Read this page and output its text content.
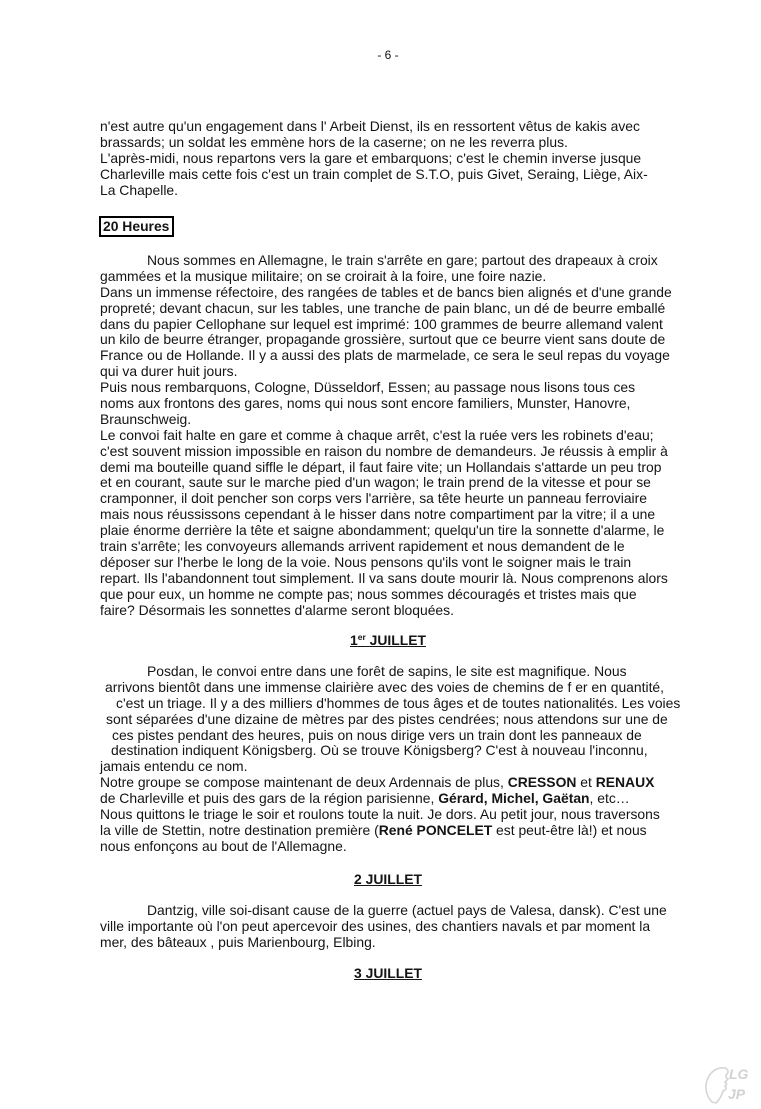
- 6 -
n'est autre qu'un engagement dans l' Arbeit Dienst, ils en ressortent vêtus de kakis avec
brassards; un soldat les emmène hors de la caserne; on ne les reverra plus.
L'après-midi, nous repartons vers la gare et embarquons; c'est le chemin inverse jusque
Charleville mais cette fois c'est un train complet de S.T.O, puis Givet, Seraing, Liège, Aix-
La Chapelle.
20 Heures
Nous sommes en Allemagne, le train s'arrête en gare; partout des drapeaux à croix
gammées et la musique militaire; on se croirait à la foire, une foire nazie.
Dans un immense réfectoire, des rangées de tables et de bancs bien alignés et d'une grande
propreté; devant chacun, sur les tables, une tranche de pain blanc, un dé de beurre emballé
dans du papier Cellophane sur lequel est imprimé: 100 grammes de beurre allemand valent
un kilo de beurre étranger, propagande grossière, surtout que ce beurre vient sans doute de
France ou de Hollande. Il y a aussi des plats de marmelade, ce sera le seul repas du voyage
qui va durer huit jours.
Puis nous rembarquons, Cologne, Düsseldorf, Essen; au passage nous lisons tous ces
noms aux frontons des gares, noms qui nous sont encore familiers, Munster, Hanovre,
Braunschweig.
Le convoi fait halte en gare et comme à chaque arrêt, c'est la ruée vers les robinets d'eau;
c'est souvent mission impossible en raison du nombre de demandeurs. Je réussis à emplir à
demi ma bouteille quand siffle le départ, il faut faire vite; un Hollandais s'attarde un peu trop
et en courant, saute sur le marche pied d'un wagon; le train prend de la vitesse et pour se
cramponner, il doit pencher son corps vers l'arrière, sa tête heurte un panneau ferroviaire
mais nous réussissons cependant à le hisser dans notre compartiment par la vitre; il a une
plaie énorme derrière la tête et saigne abondamment; quelqu'un tire la sonnette d'alarme, le
train s'arrête; les convoyeurs allemands arrivent rapidement et nous demandent de le
déposer sur l'herbe le long de la voie. Nous pensons qu'ils vont le soigner mais le train
repart. Ils l'abandonnent tout simplement. Il va sans doute mourir là. Nous comprenons alors
que pour eux, un homme ne compte pas; nous sommes découragés et tristes mais que
faire? Désormais les sonnettes d'alarme seront bloquées.
1er JUILLET
Posdan, le convoi entre dans une forêt de sapins, le site est magnifique. Nous
arrivons bientôt dans une immense clairière avec des voies de chemins de f er en quantité,
c'est un triage. Il y a des milliers d'hommes de tous âges et de toutes nationalités. Les voies
sont séparées d'une dizaine de mètres par des pistes cendrées; nous attendons sur une de
ces pistes pendant des heures, puis on nous dirige vers un train dont les panneaux de
destination indiquent Königsberg. Où se trouve Königsberg? C'est à nouveau l'inconnu,
jamais entendu ce nom.
Notre groupe se compose maintenant de deux Ardennais de plus, CRESSON et RENAUX
de Charleville et puis des gars de la région parisienne, Gérard, Michel, Gaëtan, etc…
Nous quittons le triage le soir et roulons toute la nuit. Je dors. Au petit jour, nous traversons
la ville de Stettin, notre destination première (René PONCELET est peut-être là!) et nous
nous enfonçons au bout de l'Allemagne.
2 JUILLET
Dantzig, ville soi-disant cause de la guerre (actuel pays de Valesa, dansk). C'est une
ville importante où l'on peut apercevoir des usines, des chantiers navals et par moment la
mer, des bâteaux , puis Marienbourg, Elbing.
3 JUILLET
LG
JP
